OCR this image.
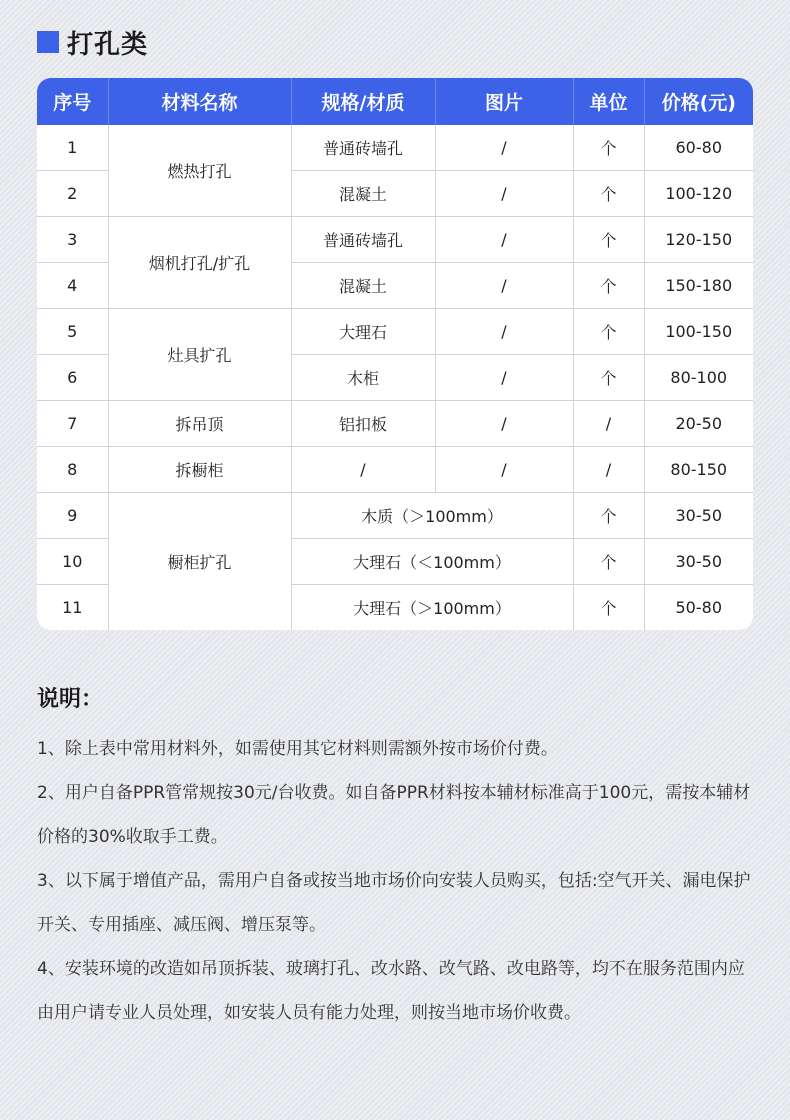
打孔类
序号	材料名称	规格/材质	图片	单位	价格(元)
1	燃热打孔	普通砖墙孔	/	个	60-80
2		混凝土	/	个	100-120
3	烟机打孔/扩孔	普通砖墙孔	/	个	120-150
4		混凝土	/	个	150-180
5	灶具扩孔	大理石	/	个	100-150
6		木柜	/	个	80-100
7	拆吊顶	铝扣板	/	/	20-50
8	拆橱柜	/	/	/	80-150
9	橱柜扩孔	木质（＞100mm）		个	30-50
10		大理石（＜100mm）		个	30-50
11		大理石（＞100mm）		个	50-80
说明：
1、除上表中常用材料外，如需使用其它材料则需额外按市场价付费。
2、用户自备PPR管常规按30元/台收费。如自备PPR材料按本辅材标准高于100元，需按本辅材价格的30%收取手工费。
3、以下属于增值产品，需用户自备或按当地市场价向安装人员购买，包括:空气开关、漏电保护开关、专用插座、减压阀、增压泵等。
4、安装环境的改造如吊顶拆装、玻璃打孔、改水路、改气路、改电路等，均不在服务范围内应由用户请专业人员处理，如安装人员有能力处理，则按当地市场价收费。
